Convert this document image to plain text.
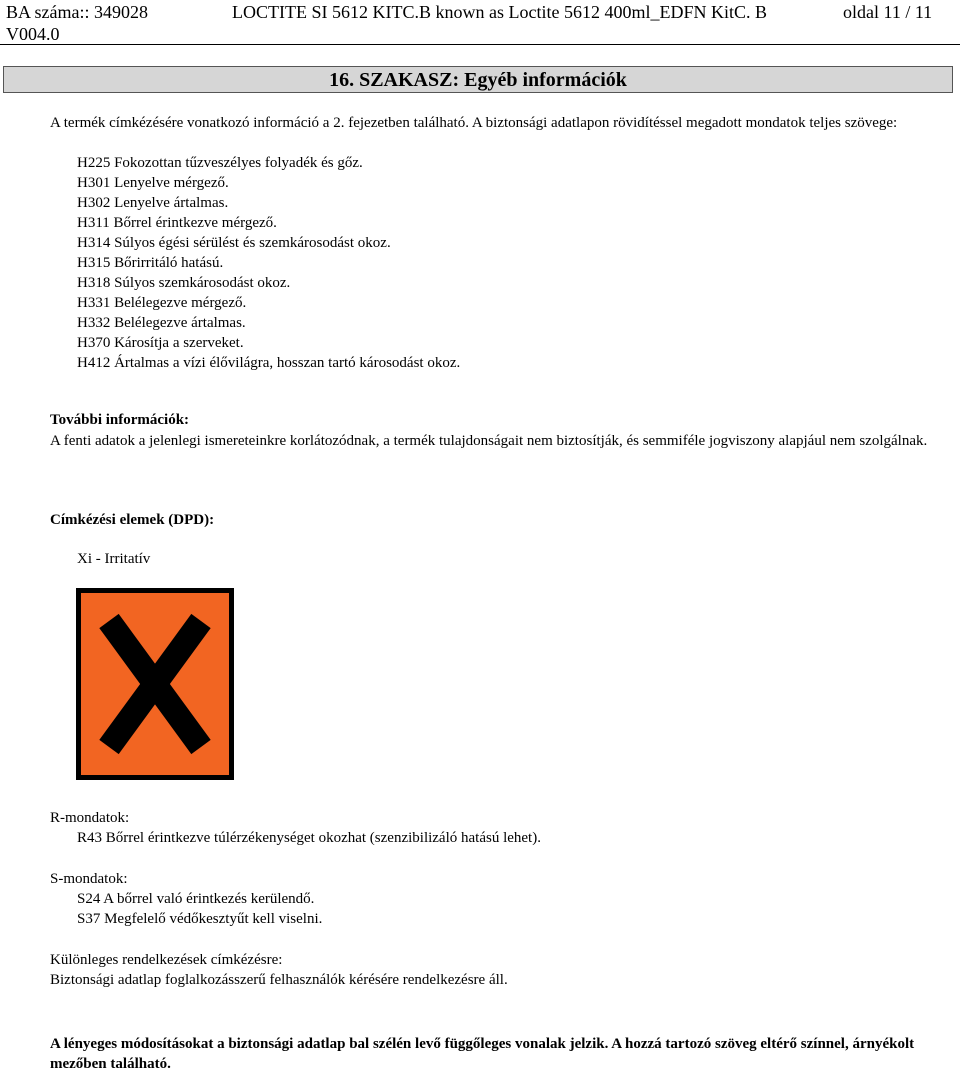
BA száma:: 349028	LOCTITE SI 5612 KITC.B known as Loctite 5612 400ml_EDFN KitC. B	oldal 11 / 11
V004.0
16. SZAKASZ: Egyéb információk
A termék címkézésére vonatkozó információ a 2. fejezetben található. A biztonsági adatlapon rövidítéssel megadott mondatok teljes szövege:
H225 Fokozottan tűzveszélyes folyadék és gőz.
H301 Lenyelve mérgező.
H302 Lenyelve ártalmas.
H311 Bőrrel érintkezve mérgező.
H314 Súlyos égési sérülést és szemkárosodást okoz.
H315 Bőrirritáló hatású.
H318 Súlyos szemkárosodást okoz.
H331 Belélegezve mérgező.
H332 Belélegezve ártalmas.
H370 Károsítja a szerveket.
H412 Ártalmas a vízi élővilágra, hosszan tartó károsodást okoz.
További információk:
A fenti adatok a jelenlegi ismereteinkre korlátozódnak, a termék tulajdonságait nem biztosítják, és semmiféle jogviszony alapjául nem szolgálnak.
Címkézési elemek (DPD):
Xi - Irritatív
R-mondatok:
R43 Bőrrel érintkezve túlérzékenységet okozhat (szenzibilizáló hatású lehet).
S-mondatok:
S24 A bőrrel való érintkezés kerülendő.
S37 Megfelelő védőkesztyűt kell viselni.
Különleges rendelkezések címkézésre:
Biztonsági adatlap foglalkozásszerű felhasználók kérésére rendelkezésre áll.
A lényeges módosításokat a biztonsági adatlap bal szélén levő függőleges vonalak jelzik. A hozzá tartozó szöveg eltérő színnel, árnyékolt mezőben található.
